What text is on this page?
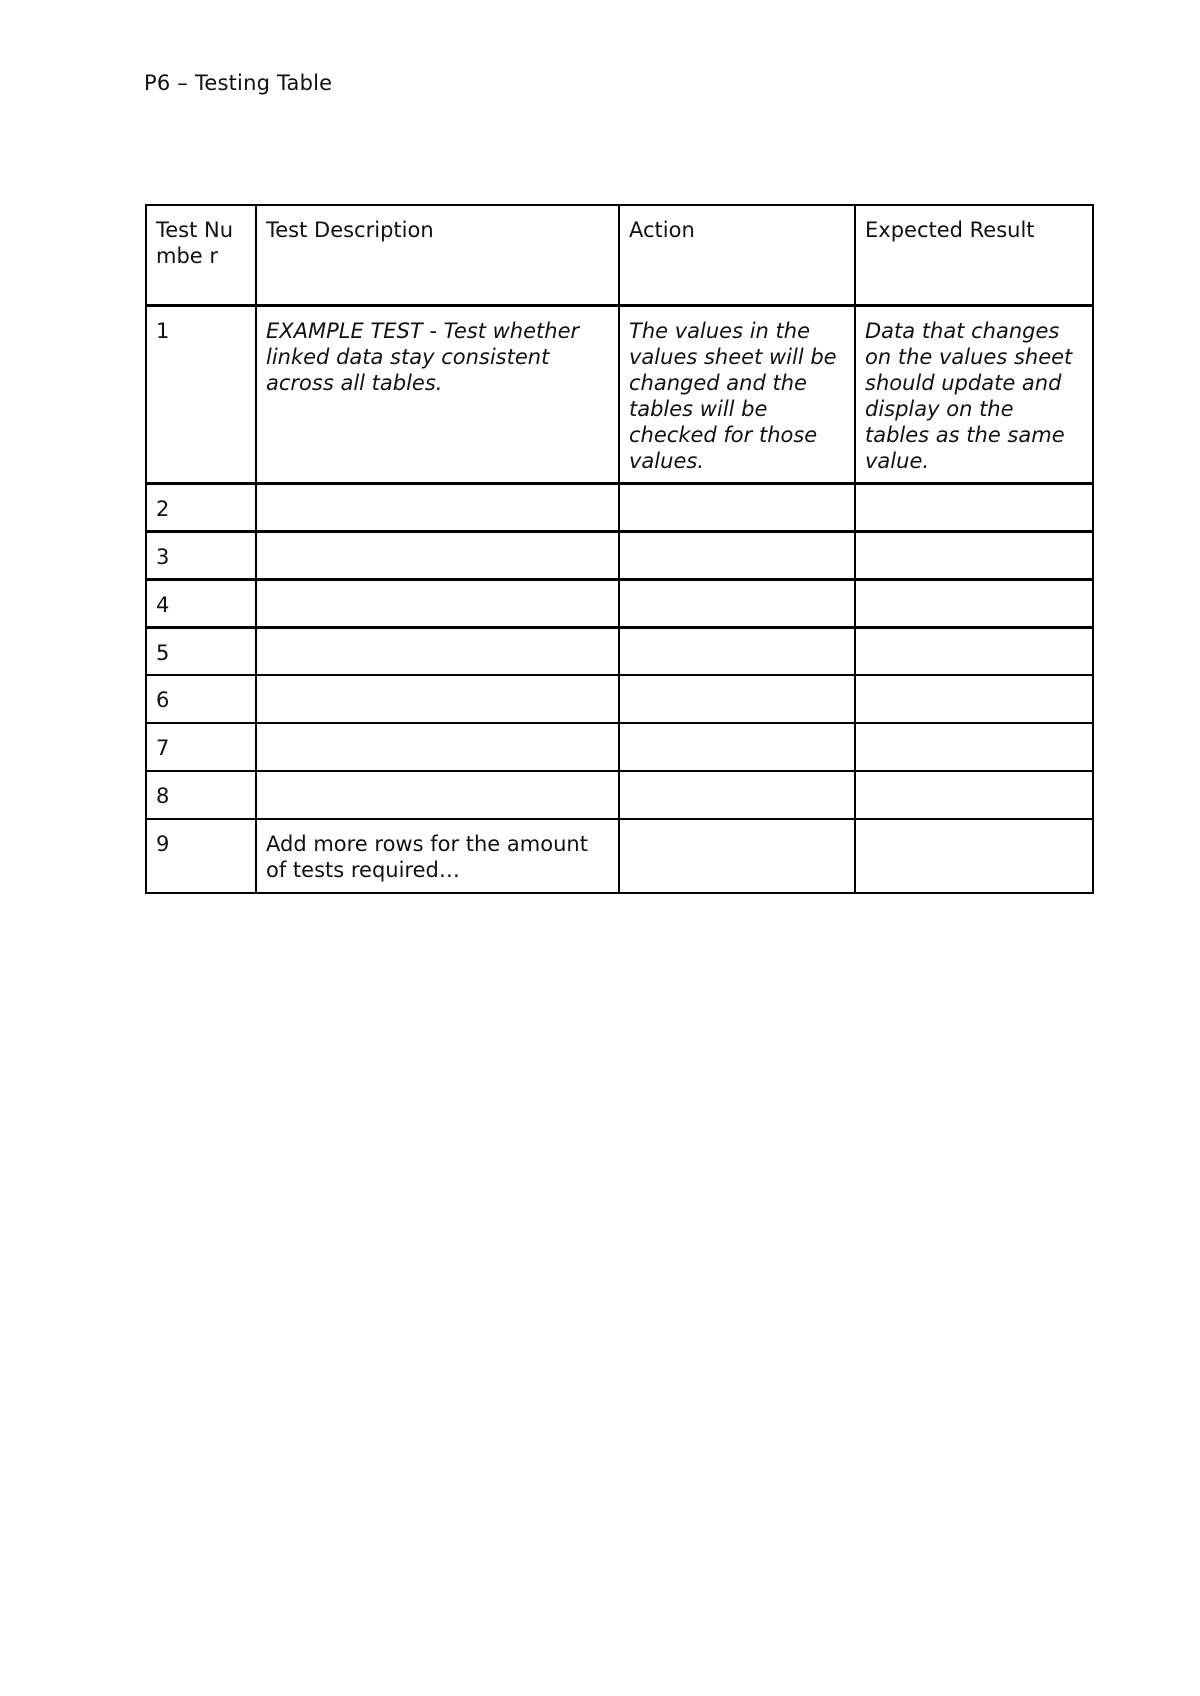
P6 – Testing Table
Test Numbe r	Test Description	Action	Expected Result
1	EXAMPLE TEST - Test whether linked data stay consistent across all tables.	The values in the values sheet will be changed and the tables will be checked for those values.	Data that changes on the values sheet should update and display on the tables as the same value.
2			
3			
4			
5			
6			
7			
8			
9	Add more rows for the amount of tests required…		
